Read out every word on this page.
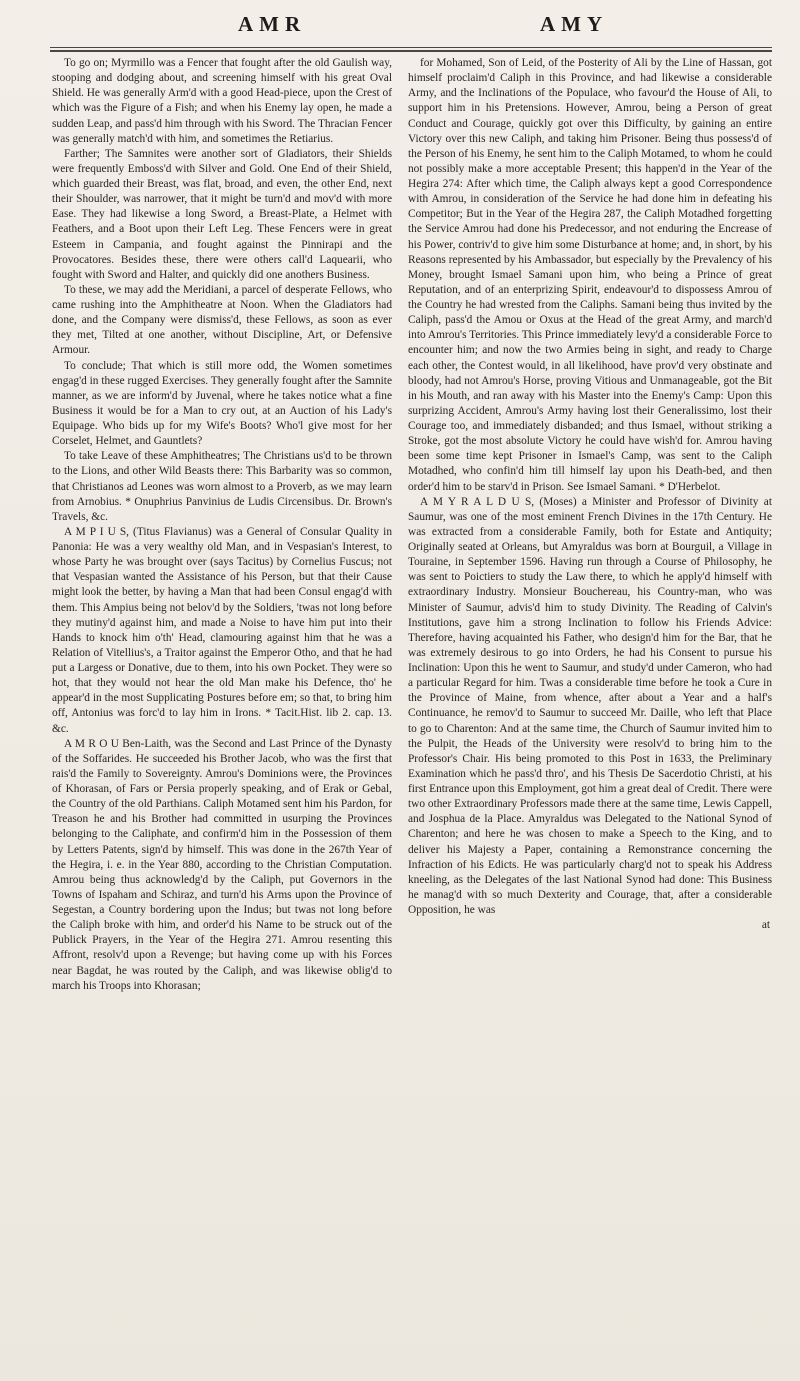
AMR	AMY

To go on; Myrmillo was a Fencer that fought after the old Gaulish way, stooping and dodging about, and screening himself with his great Oval Shield. He was generally Arm'd with a good Head-piece, upon the Crest of which was the Figure of a Fish; and when his Enemy lay open, he made a sudden Leap, and pass'd him through with his Sword. The Thracian Fencer was generally match'd with him, and sometimes the Retiarius.

Farther; The Samnites were another sort of Gladiators, their Shields were frequently Emboss'd with Silver and Gold. One End of their Shield, which guarded their Breast, was flat, broad, and even, the other End, next their Shoulder, was narrower, that it might be turn'd and mov'd with more Ease. They had likewise a long Sword, a Breast-Plate, a Helmet with Feathers, and a Boot upon their Left Leg. These Fencers were in great Esteem in Campania, and fought against the Pinnirapi and the Provocatores. Besides these, there were others call'd Laquearii, who fought with Sword and Halter, and quickly did one anothers Business.

To these, we may add the Meridiani, a parcel of desperate Fellows, who came rushing into the Amphitheatre at Noon. When the Gladiators had done, and the Company were dismiss'd, these Fellows, as soon as ever they met, Tilted at one another, without Discipline, Art, or Defensive Armour.

To conclude; That which is still more odd, the Women sometimes engag'd in these rugged Exercises. They generally fought after the Samnite manner, as we are inform'd by Juvenal, where he takes notice what a fine Business it would be for a Man to cry out, at an Auction of his Lady's Equipage. Who bids up for my Wife's Boots? Who'l give most for her Corselet, Helmet, and Gauntlets?

To take Leave of these Amphitheatres; The Christians us'd to be thrown to the Lions, and other Wild Beasts there: This Barbarity was so common, that Christianos ad Leones was worn almost to a Proverb, as we may learn from Arnobius. * Onuphrius Panvinius de Ludis Circensibus. Dr. Brown's Travels, &c.

A M P I U S, (Titus Flavianus) was a General of Consular Quality in Panonia: He was a very wealthy old Man, and in Vespasian's Interest, to whose Party he was brought over (says Tacitus) by Cornelius Fuscus; not that Vespasian wanted the Assistance of his Person, but that their Cause might look the better, by having a Man that had been Consul engag'd with them. This Ampius being not belov'd by the Soldiers, 'twas not long before they mutiny'd against him, and made a Noise to have him put into their Hands to knock him o'th' Head, clamouring against him that he was a Relation of Vitellius's, a Traitor against the Emperor Otho, and that he had put a Largess or Donative, due to them, into his own Pocket. They were so hot, that they would not hear the old Man make his Defence, tho' he appear'd in the most Supplicating Postures before em; so that, to bring him off, Antonius was forc'd to lay him in Irons. * Tacit.Hist. lib 2. cap. 13. &c.

A M R O U Ben-Laith, was the Second and Last Prince of the Dynasty of the Soffarides. He succeeded his Brother Jacob, who was the first that rais'd the Family to Sovereignty. Amrou's Dominions were, the Provinces of Khorasan, of Fars or Persia properly speaking, and of Erak or Gebal, the Country of the old Parthians. Caliph Motamed sent him his Pardon, for Treason he and his Brother had committed in usurping the Provinces belonging to the Caliphate, and confirm'd him in the Possession of them by Letters Patents, sign'd by himself. This was done in the 267th Year of the Hegira, i. e. in the Year 880, according to the Christian Computation. Amrou being thus acknowledg'd by the Caliph, put Governors in the Towns of Ispaham and Schiraz, and turn'd his Arms upon the Province of Segestan, a Country bordering upon the Indus; but twas not long before the Caliph broke with him, and order'd his Name to be struck out of the Publick Prayers, in the Year of the Hegira 271. Amrou resenting this Affront, resolv'd upon a Revenge; but having come up with his Forces near Bagdat, he was routed by the Caliph, and was likewise oblig'd to march his Troops into Khorasan;

for Mohamed, Son of Leid, of the Posterity of Ali by the Line of Hassan, got himself proclaim'd Caliph in this Province, and had likewise a considerable Army, and the Inclinations of the Populace, who favour'd the House of Ali, to support him in his Pretensions. However, Amrou, being a Person of great Conduct and Courage, quickly got over this Difficulty, by gaining an entire Victory over this new Caliph, and taking him Prisoner. Being thus possess'd of the Person of his Enemy, he sent him to the Caliph Motamed, to whom he could not possibly make a more acceptable Present; this happen'd in the Year of the Hegira 274: After which time, the Caliph always kept a good Correspondence with Amrou, in consideration of the Service he had done him in defeating his Competitor; But in the Year of the Hegira 287, the Caliph Motadhed forgetting the Service Amrou had done his Predecessor, and not enduring the Encrease of his Power, contriv'd to give him some Disturbance at home; and, in short, by his Reasons represented by his Ambassador, but especially by the Prevalency of his Money, brought Ismael Samani upon him, who being a Prince of great Reputation, and of an enterprizing Spirit, endeavour'd to dispossess Amrou of the Country he had wrested from the Caliphs. Samani being thus invited by the Caliph, pass'd the Amou or Oxus at the Head of the great Army, and march'd into Amrou's Territories. This Prince immediately levy'd a considerable Force to encounter him; and now the two Armies being in sight, and ready to Charge each other, the Contest would, in all likelihood, have prov'd very obstinate and bloody, had not Amrou's Horse, proving Vitious and Unmanageable, got the Bit in his Mouth, and ran away with his Master into the Enemy's Camp: Upon this surprizing Accident, Amrou's Army having lost their Generalissimo, lost their Courage too, and immediately disbanded; and thus Ismael, without striking a Stroke, got the most absolute Victory he could have wish'd for. Amrou having been some time kept Prisoner in Ismael's Camp, was sent to the Caliph Motadhed, who confin'd him till himself lay upon his Death-bed, and then order'd him to be starv'd in Prison. See Ismael Samani. * D'Herbelot.

A M Y R A L D U S, (Moses) a Minister and Professor of Divinity at Saumur, was one of the most eminent French Divines in the 17th Century. He was extracted from a considerable Family, both for Estate and Antiquity; Originally seated at Orleans, but Amyraldus was born at Bourguil, a Village in Touraine, in September 1596. Having run through a Course of Philosophy, he was sent to Poictiers to study the Law there, to which he apply'd himself with extraordinary Industry. Monsieur Bouchereau, his Country-man, who was Minister of Saumur, advis'd him to study Divinity. The Reading of Calvin's Institutions, gave him a strong Inclination to follow his Friends Advice: Therefore, having acquainted his Father, who design'd him for the Bar, that he was extremely desirous to go into Orders, he had his Consent to pursue his Inclination: Upon this he went to Saumur, and study'd under Cameron, who had a particular Regard for him. Twas a considerable time before he took a Cure in the Province of Maine, from whence, after about a Year and a half's Continuance, he remov'd to Saumur to succeed Mr. Daille, who left that Place to go to Charenton: And at the same time, the Church of Saumur invited him to the Pulpit, the Heads of the University were resolv'd to bring him to the Professor's Chair. His being promoted to this Post in 1633, the Preliminary Examination which he pass'd thro', and his Thesis De Sacerdotio Christi, at his first Entrance upon this Employment, got him a great deal of Credit. There were two other Extraordinary Professors made there at the same time, Lewis Cappell, and Josphua de la Place. Amyraldus was Delegated to the National Synod of Charenton; and here he was chosen to make a Speech to the King, and to deliver his Majesty a Paper, containing a Remonstrance concerning the Infraction of his Edicts. He was particularly charg'd not to speak his Address kneeling, as the Delegates of the last National Synod had done: This Business he manag'd with so much Dexterity and Courage, that, after a considerable Opposition, he was

at
